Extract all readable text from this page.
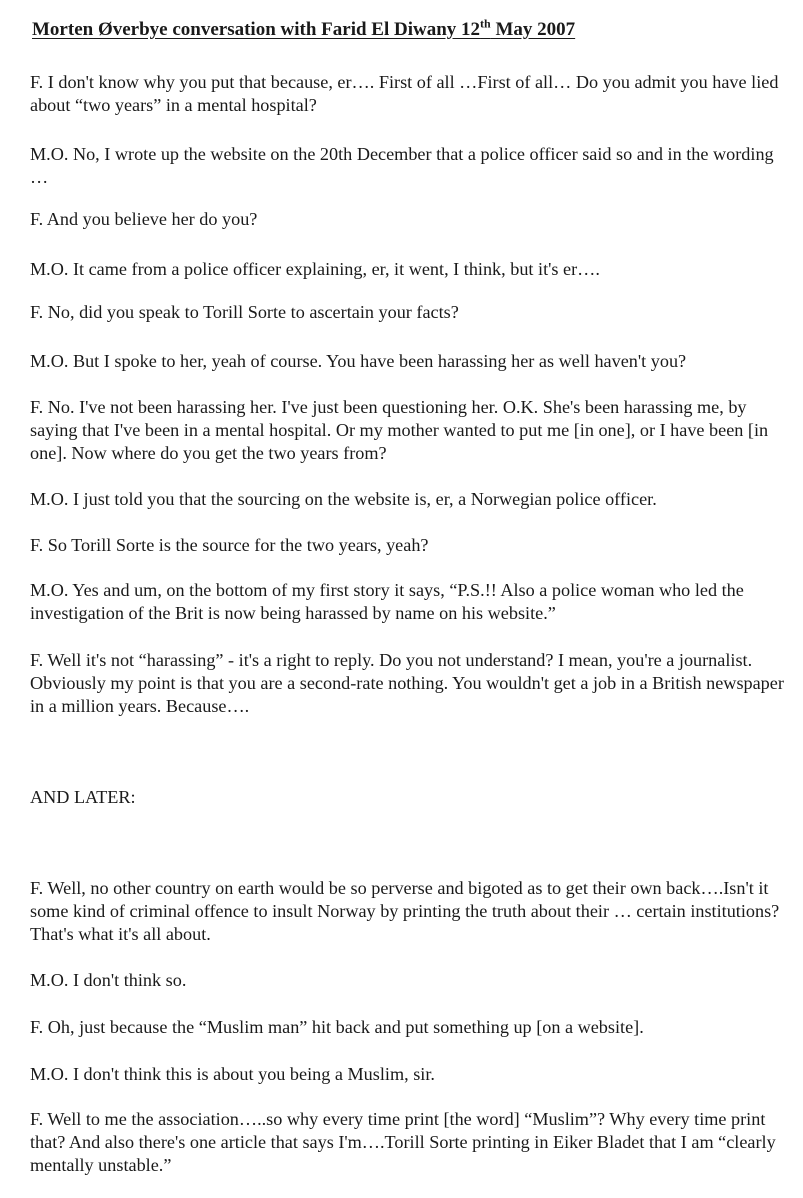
Morten Øverbye conversation with Farid El Diwany 12th May 2007

F. I don't know why you put that because, er…. First of all …First of all… Do you admit you have lied about “two years” in a mental hospital?

M.O. No, I wrote up the website on the 20th December that a police officer said so and in the wording …

F. And you believe her do you?

M.O. It came from a police officer explaining, er, it went, I think, but it's er….

F. No, did you speak to Torill Sorte to ascertain your facts?

M.O. But I spoke to her, yeah of course. You have been harassing her as well haven't you?

F. No. I've not been harassing her. I've just been questioning her. O.K. She's been harassing me, by saying that I've been in a mental hospital. Or my mother wanted to put me [in one], or I have been [in one]. Now where do you get the two years from?

M.O. I just told you that the sourcing on the website is, er, a Norwegian police officer.

F. So Torill Sorte is the source for the two years, yeah?

M.O. Yes and um, on the bottom of my first story it says, “P.S.!! Also a police woman who led the investigation of the Brit is now being harassed by name on his website.”

F. Well it's not “harassing” - it's a right to reply. Do you not understand? I mean, you're a journalist. Obviously my point is that you are a second-rate nothing. You wouldn't get a job in a British newspaper in a million years. Because….

AND LATER:

F. Well, no other country on earth would be so perverse and bigoted as to get their own back….Isn't it some kind of criminal offence to insult Norway by printing the truth about their … certain institutions? That's what it's all about.

M.O. I don't think so.

F. Oh, just because the “Muslim man” hit back and put something up [on a website].

M.O. I don't think this is about you being a Muslim, sir.

F. Well to me the association…..so why every time print [the word] “Muslim”? Why every time print that? And also there's one article that says I'm….Torill Sorte printing in Eiker Bladet that I am “clearly mentally unstable.”
